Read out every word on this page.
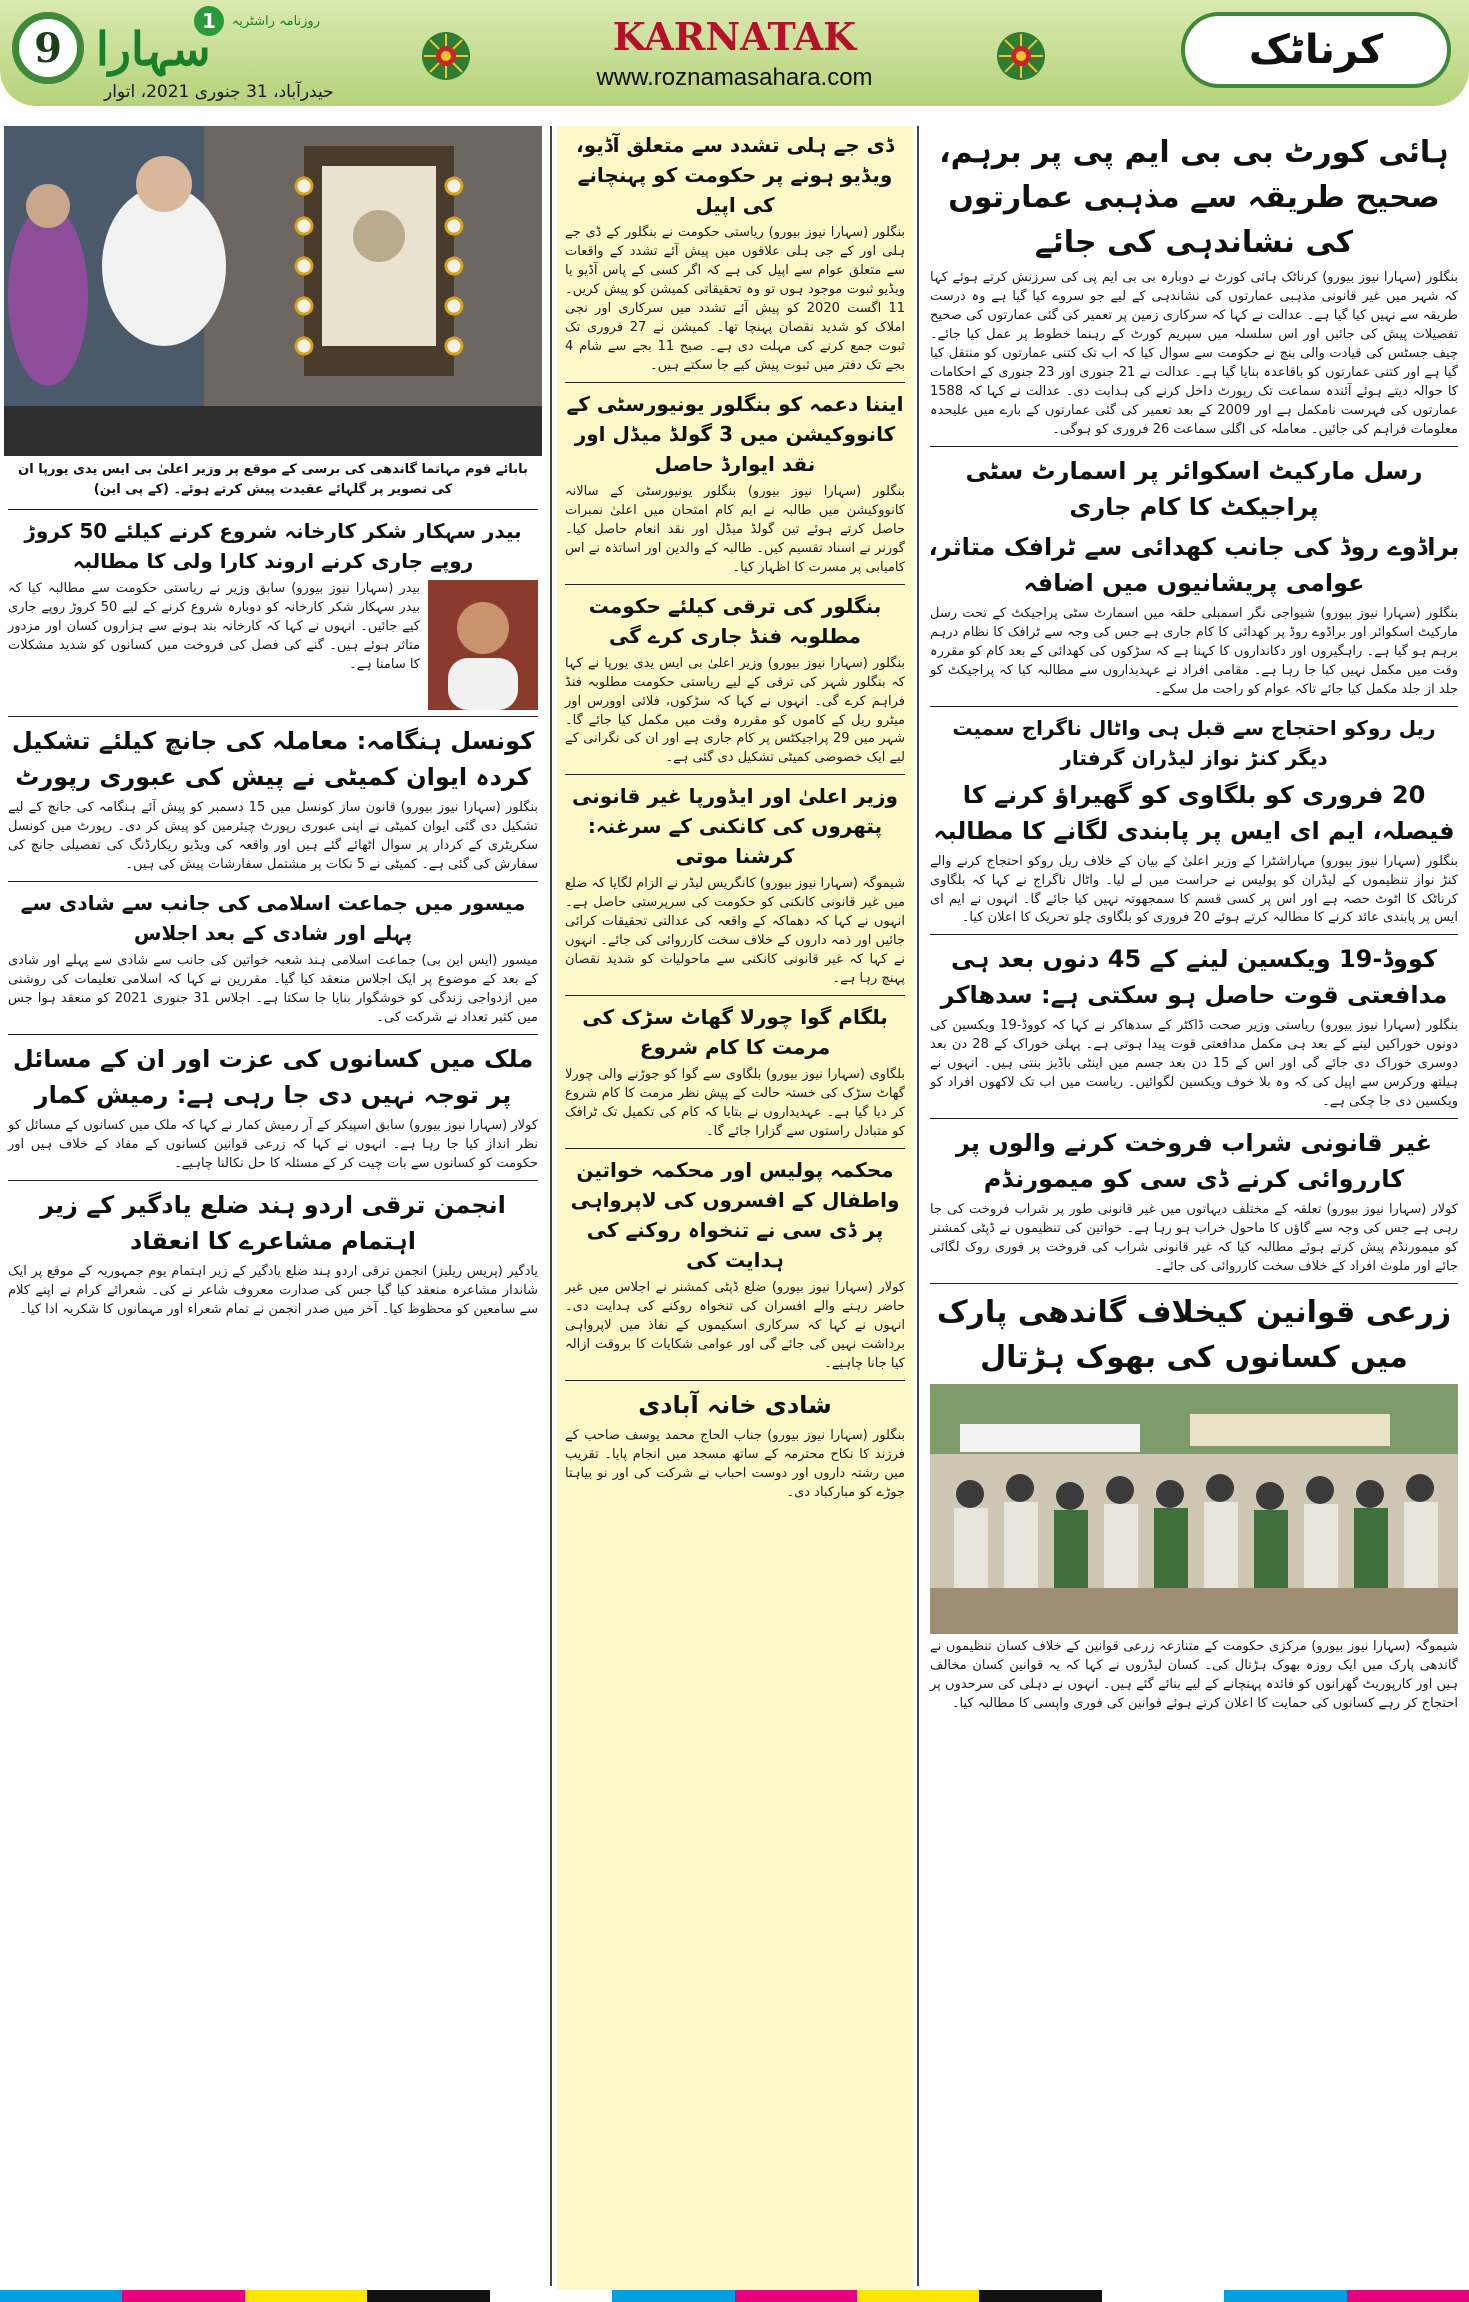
9
1	روزنامہ راشٹریہ
سہارا
حیدرآباد، 31 جنوری 2021، اتوار
KARNATAK
www.roznamasahara.com
کرناٹک
ہائی کورٹ بی بی ایم پی پر برہم، صحیح طریقہ سے مذہبی عمارتوں کی نشاندہی کی جائے

بنگلور (سہارا نیوز بیورو) کرناٹک ہائی کورٹ نے دوبارہ بی بی ایم پی کی سرزنش کرتے ہوئے کہا کہ شہر میں غیر قانونی مذہبی عمارتوں کی نشاندہی کے لیے جو سروے کیا گیا ہے وہ درست طریقہ سے نہیں کیا گیا ہے۔ عدالت نے کہا کہ سرکاری زمین پر تعمیر کی گئی عمارتوں کی صحیح تفصیلات پیش کی جائیں اور اس سلسلہ میں سپریم کورٹ کے رہنما خطوط پر عمل کیا جائے۔ چیف جسٹس کی قیادت والی بنچ نے حکومت سے سوال کیا کہ اب تک کتنی عمارتوں کو منتقل کیا گیا ہے اور کتنی عمارتوں کو باقاعدہ بنایا گیا ہے۔ عدالت نے 21 جنوری اور 23 جنوری کے احکامات کا حوالہ دیتے ہوئے آئندہ سماعت تک رپورٹ داخل کرنے کی ہدایت دی۔ عدالت نے کہا کہ 1588 عمارتوں کی فہرست نامکمل ہے اور 2009 کے بعد تعمیر کی گئی عمارتوں کے بارے میں علیحدہ معلومات فراہم کی جائیں۔ معاملہ کی اگلی سماعت 26 فروری کو ہوگی۔

رسل مارکیٹ اسکوائر پر اسمارٹ سٹی پراجیکٹ کا کام جاری
براڈوے روڈ کی جانب کھدائی سے ٹرافک متاثر، عوامی پریشانیوں میں اضافہ

بنگلور (سہارا نیوز بیورو) شیواجی نگر اسمبلی حلقہ میں اسمارٹ سٹی پراجیکٹ کے تحت رسل مارکیٹ اسکوائر اور براڈوے روڈ پر کھدائی کا کام جاری ہے جس کی وجہ سے ٹرافک کا نظام درہم برہم ہو گیا ہے۔ راہگیروں اور دکانداروں کا کہنا ہے کہ سڑکوں کی کھدائی کے بعد کام کو مقررہ وقت میں مکمل نہیں کیا جا رہا ہے۔ مقامی افراد نے عہدیداروں سے مطالبہ کیا کہ پراجیکٹ کو جلد از جلد مکمل کیا جائے تاکہ عوام کو راحت مل سکے۔

ریل روکو احتجاج سے قبل ہی واٹال ناگراج سمیت دیگر کنڑ نواز لیڈران گرفتار
20 فروری کو بلگاوی کو گھیراؤ کرنے کا فیصلہ، ایم ای ایس پر پابندی لگانے کا مطالبہ

بنگلور (سہارا نیوز بیورو) مہاراشٹرا کے وزیر اعلیٰ کے بیان کے خلاف ریل روکو احتجاج کرنے والے کنڑ نواز تنظیموں کے لیڈران کو پولیس نے حراست میں لے لیا۔ واٹال ناگراج نے کہا کہ بلگاوی کرناٹک کا اٹوٹ حصہ ہے اور اس پر کسی قسم کا سمجھوتہ نہیں کیا جائے گا۔ انہوں نے ایم ای ایس پر پابندی عائد کرنے کا مطالبہ کرتے ہوئے 20 فروری کو بلگاوی چلو تحریک کا اعلان کیا۔

کووڈ-19 ویکسین لینے کے 45 دنوں بعد ہی مدافعتی قوت حاصل ہو سکتی ہے: سدھاکر

بنگلور (سہارا نیوز بیورو) ریاستی وزیر صحت ڈاکٹر کے سدھاکر نے کہا کہ کووڈ-19 ویکسین کی دونوں خوراکیں لینے کے بعد ہی مکمل مدافعتی قوت پیدا ہوتی ہے۔ پہلی خوراک کے 28 دن بعد دوسری خوراک دی جائے گی اور اس کے 15 دن بعد جسم میں اینٹی باڈیز بنتی ہیں۔ انہوں نے ہیلتھ ورکرس سے اپیل کی کہ وہ بلا خوف ویکسین لگوائیں۔ ریاست میں اب تک لاکھوں افراد کو ویکسین دی جا چکی ہے۔

غیر قانونی شراب فروخت کرنے والوں پر کارروائی کرنے ڈی سی کو میمورنڈم

کولار (سہارا نیوز بیورو) تعلقہ کے مختلف دیہاتوں میں غیر قانونی طور پر شراب فروخت کی جا رہی ہے جس کی وجہ سے گاؤں کا ماحول خراب ہو رہا ہے۔ خواتین کی تنظیموں نے ڈپٹی کمشنر کو میمورنڈم پیش کرتے ہوئے مطالبہ کیا کہ غیر قانونی شراب کی فروخت پر فوری روک لگائی جائے اور ملوث افراد کے خلاف سخت کارروائی کی جائے۔

زرعی قوانین کیخلاف گاندھی پارک میں کسانوں کی بھوک ہڑتال

شیموگہ (سہارا نیوز بیورو) مرکزی حکومت کے متنازعہ زرعی قوانین کے خلاف کسان تنظیموں نے گاندھی پارک میں ایک روزہ بھوک ہڑتال کی۔ کسان لیڈروں نے کہا کہ یہ قوانین کسان مخالف ہیں اور کارپوریٹ گھرانوں کو فائدہ پہنچانے کے لیے بنائے گئے ہیں۔ انہوں نے دہلی کی سرحدوں پر احتجاج کر رہے کسانوں کی حمایت کا اعلان کرتے ہوئے قوانین کی فوری واپسی کا مطالبہ کیا۔

ڈی جے ہلی تشدد سے متعلق آڈیو، ویڈیو ہونے پر حکومت کو پہنچانے کی اپیل

بنگلور (سہارا نیوز بیورو) ریاستی حکومت نے بنگلور کے ڈی جے ہلی اور کے جی ہلی علاقوں میں پیش آئے تشدد کے واقعات سے متعلق عوام سے اپیل کی ہے کہ اگر کسی کے پاس آڈیو یا ویڈیو ثبوت موجود ہوں تو وہ تحقیقاتی کمیشن کو پیش کریں۔ 11 اگست 2020 کو پیش آئے تشدد میں سرکاری اور نجی املاک کو شدید نقصان پہنچا تھا۔ کمیشن نے 27 فروری تک ثبوت جمع کرنے کی مہلت دی ہے۔ صبح 11 بجے سے شام 4 بجے تک دفتر میں ثبوت پیش کیے جا سکتے ہیں۔

ایننا دعمہ کو بنگلور یونیورسٹی کے کانووکیشن میں 3 گولڈ میڈل اور نقد ایوارڈ حاصل

بنگلور (سہارا نیوز بیورو) بنگلور یونیورسٹی کے سالانہ کانووکیشن میں طالبہ نے ایم کام امتحان میں اعلیٰ نمبرات حاصل کرتے ہوئے تین گولڈ میڈل اور نقد انعام حاصل کیا۔ گورنر نے اسناد تقسیم کیں۔ طالبہ کے والدین اور اساتذہ نے اس کامیابی پر مسرت کا اظہار کیا۔

بنگلور کی ترقی کیلئے حکومت مطلوبہ فنڈ جاری کرے گی

بنگلور (سہارا نیوز بیورو) وزیر اعلیٰ بی ایس یدی یورپا نے کہا کہ بنگلور شہر کی ترقی کے لیے ریاستی حکومت مطلوبہ فنڈ فراہم کرے گی۔ انہوں نے کہا کہ سڑکوں، فلائی اوورس اور میٹرو ریل کے کاموں کو مقررہ وقت میں مکمل کیا جائے گا۔ شہر میں 29 پراجیکٹس پر کام جاری ہے اور ان کی نگرانی کے لیے ایک خصوصی کمیٹی تشکیل دی گئی ہے۔

وزیر اعلیٰ اور ایڈورپا غیر قانونی پتھروں کی کانکنی کے سرغنہ: کرشنا موتی

شیموگہ (سہارا نیوز بیورو) کانگریس لیڈر نے الزام لگایا کہ ضلع میں غیر قانونی کانکنی کو حکومت کی سرپرستی حاصل ہے۔ انہوں نے کہا کہ دھماکہ کے واقعہ کی عدالتی تحقیقات کرائی جائیں اور ذمہ داروں کے خلاف سخت کارروائی کی جائے۔ انہوں نے کہا کہ غیر قانونی کانکنی سے ماحولیات کو شدید نقصان پہنچ رہا ہے۔

بلگام گوا چورلا گھاٹ سڑک کی مرمت کا کام شروع

بلگاوی (سہارا نیوز بیورو) بلگاوی سے گوا کو جوڑنے والی چورلا گھاٹ سڑک کی خستہ حالت کے پیش نظر مرمت کا کام شروع کر دیا گیا ہے۔ عہدیداروں نے بتایا کہ کام کی تکمیل تک ٹرافک کو متبادل راستوں سے گزارا جائے گا۔

محکمہ پولیس اور محکمہ خواتین واطفال کے افسروں کی لاپرواہی پر ڈی سی نے تنخواہ روکنے کی ہدایت کی

کولار (سہارا نیوز بیورو) ضلع ڈپٹی کمشنر نے اجلاس میں غیر حاضر رہنے والے افسران کی تنخواہ روکنے کی ہدایت دی۔ انہوں نے کہا کہ سرکاری اسکیموں کے نفاذ میں لاپرواہی برداشت نہیں کی جائے گی اور عوامی شکایات کا بروقت ازالہ کیا جانا چاہیے۔

شادی خانہ آبادی

بنگلور (سہارا نیوز بیورو) جناب الحاج محمد یوسف صاحب کے فرزند کا نکاح محترمہ کے ساتھ مسجد میں انجام پایا۔ تقریب میں رشتہ داروں اور دوست احباب نے شرکت کی اور نو بیاہتا جوڑے کو مبارکباد دی۔

بابائے قوم مہاتما گاندھی کی برسی کے موقع پر وزیر اعلیٰ بی ایس یدی یورپا ان کی تصویر پر گلہائے عقیدت پیش کرتے ہوئے۔ (کے پی این)
بیدر سہکار شکر کارخانہ شروع کرنے کیلئے 50 کروڑ روپے جاری کرنے اروند کارا ولی کا مطالبہ

بیدر (سہارا نیوز بیورو) سابق وزیر نے ریاستی حکومت سے مطالبہ کیا کہ بیدر سہکار شکر کارخانہ کو دوبارہ شروع کرنے کے لیے 50 کروڑ روپے جاری کیے جائیں۔ انہوں نے کہا کہ کارخانہ بند ہونے سے ہزاروں کسان اور مزدور متاثر ہوئے ہیں۔ گنے کی فصل کی فروخت میں کسانوں کو شدید مشکلات کا سامنا ہے۔

کونسل ہنگامہ: معاملہ کی جانچ کیلئے تشکیل کردہ ایوان کمیٹی نے پیش کی عبوری رپورٹ

بنگلور (سہارا نیوز بیورو) قانون ساز کونسل میں 15 دسمبر کو پیش آئے ہنگامہ کی جانچ کے لیے تشکیل دی گئی ایوان کمیٹی نے اپنی عبوری رپورٹ چیئرمین کو پیش کر دی۔ رپورٹ میں کونسل سکریٹری کے کردار پر سوال اٹھائے گئے ہیں اور واقعہ کی ویڈیو ریکارڈنگ کی تفصیلی جانچ کی سفارش کی گئی ہے۔ کمیٹی نے 5 نکات پر مشتمل سفارشات پیش کی ہیں۔

میسور میں جماعت اسلامی کی جانب سے شادی سے پہلے اور شادی کے بعد اجلاس

میسور (ایس این بی) جماعت اسلامی ہند شعبہ خواتین کی جانب سے شادی سے پہلے اور شادی کے بعد کے موضوع پر ایک اجلاس منعقد کیا گیا۔ مقررین نے کہا کہ اسلامی تعلیمات کی روشنی میں ازدواجی زندگی کو خوشگوار بنایا جا سکتا ہے۔ اجلاس 31 جنوری 2021 کو منعقد ہوا جس میں کثیر تعداد نے شرکت کی۔

ملک میں کسانوں کی عزت اور ان کے مسائل پر توجہ نہیں دی جا رہی ہے: رمیش کمار

کولار (سہارا نیوز بیورو) سابق اسپیکر کے آر رمیش کمار نے کہا کہ ملک میں کسانوں کے مسائل کو نظر انداز کیا جا رہا ہے۔ انہوں نے کہا کہ زرعی قوانین کسانوں کے مفاد کے خلاف ہیں اور حکومت کو کسانوں سے بات چیت کر کے مسئلہ کا حل نکالنا چاہیے۔

انجمن ترقی اردو ہند ضلع یادگیر کے زیر اہتمام مشاعرے کا انعقاد

یادگیر (پریس ریلیز) انجمن ترقی اردو ہند ضلع یادگیر کے زیر اہتمام یوم جمہوریہ کے موقع پر ایک شاندار مشاعرہ منعقد کیا گیا جس کی صدارت معروف شاعر نے کی۔ شعرائے کرام نے اپنے کلام سے سامعین کو محظوظ کیا۔ آخر میں صدر انجمن نے تمام شعراء اور مہمانوں کا شکریہ ادا کیا۔
